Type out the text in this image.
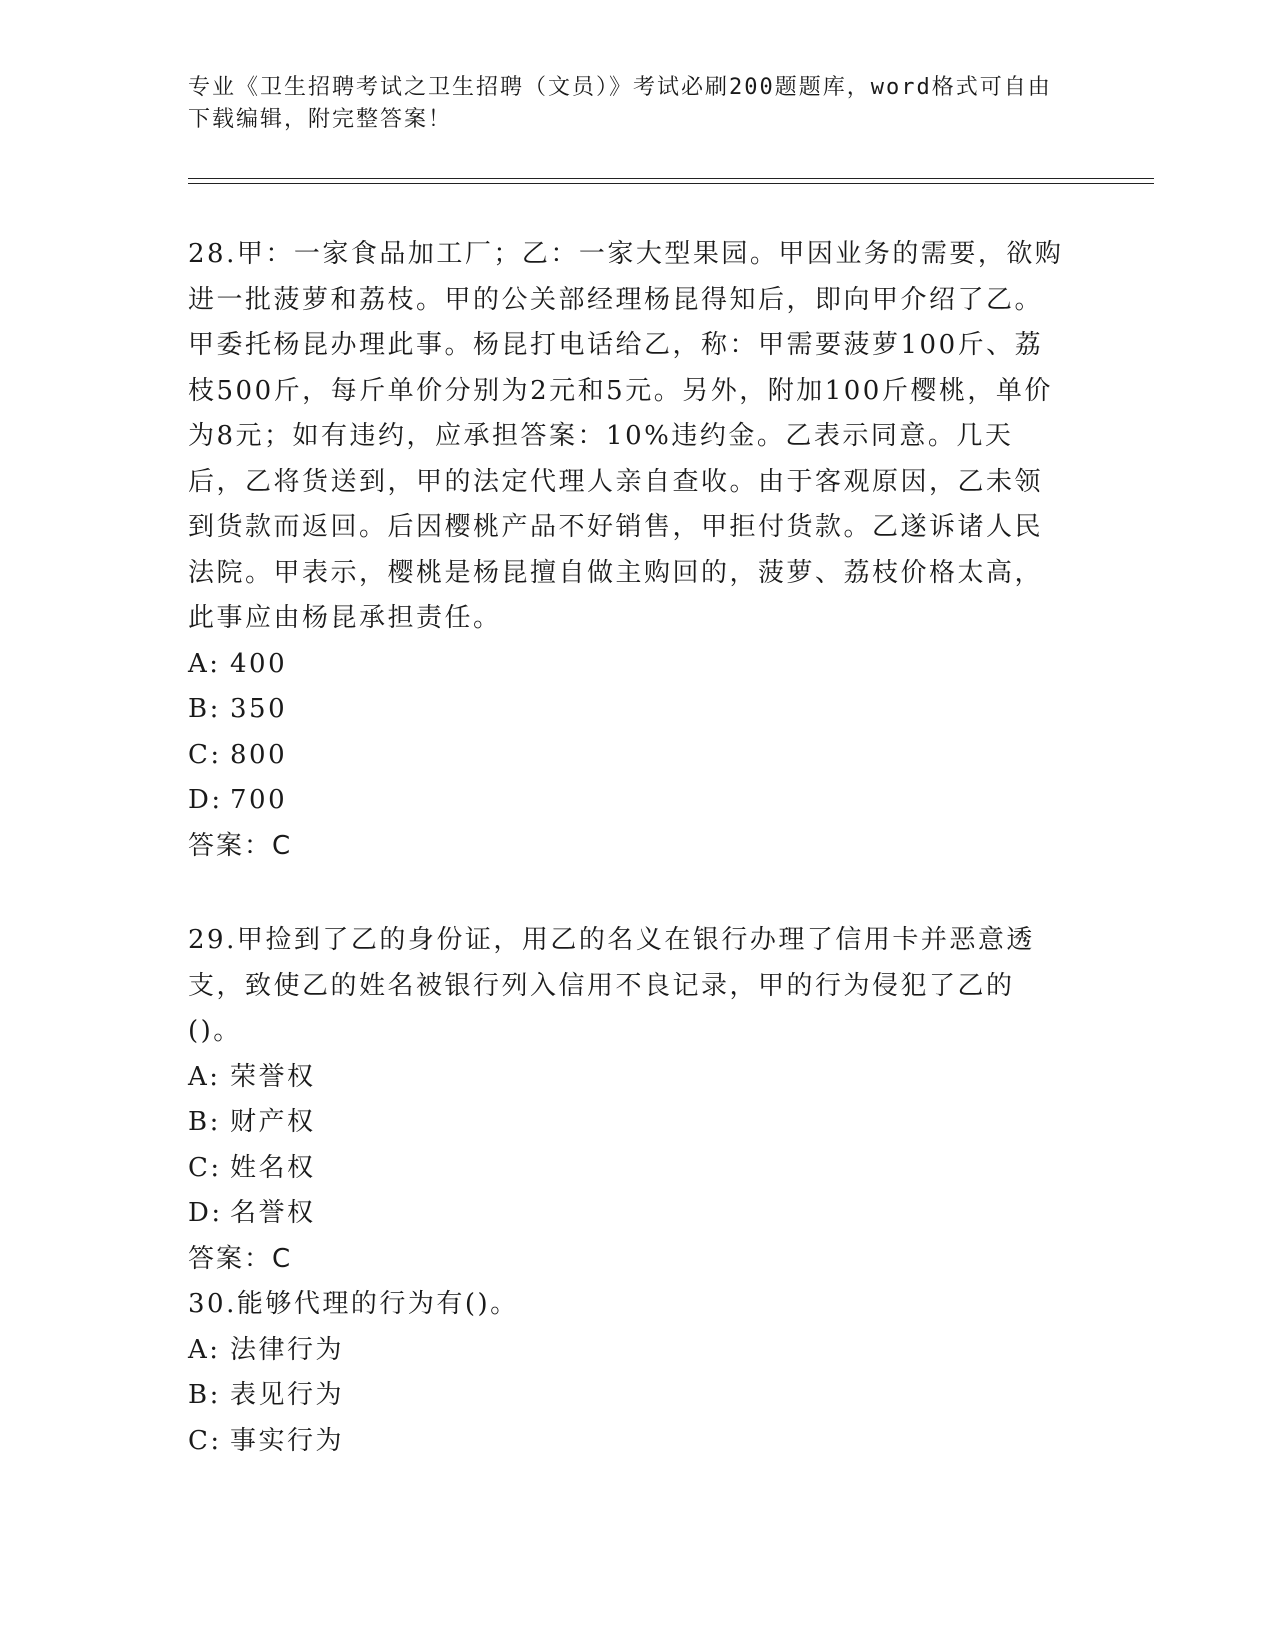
专业《卫生招聘考试之卫生招聘（文员）》考试必刷200题题库，word格式可自由下载编辑，附完整答案！

28.甲：一家食品加工厂；乙：一家大型果园。甲因业务的需要，欲购进一批菠萝和荔枝。甲的公关部经理杨昆得知后，即向甲介绍了乙。甲委托杨昆办理此事。杨昆打电话给乙，称：甲需要菠萝100斤、荔枝500斤，每斤单价分别为2元和5元。另外，附加100斤樱桃，单价为8元；如有违约，应承担答案：10%违约金。乙表示同意。几天后，乙将货送到，甲的法定代理人亲自查收。由于客观原因，乙未领到货款而返回。后因樱桃产品不好销售，甲拒付货款。乙遂诉诸人民法院。甲表示，樱桃是杨昆擅自做主购回的，菠萝、荔枝价格太高，此事应由杨昆承担责任。

A: 400

B: 350

C: 800

D: 700

答案：C

29.甲捡到了乙的身份证，用乙的名义在银行办理了信用卡并恶意透支，致使乙的姓名被银行列入信用不良记录，甲的行为侵犯了乙的()。

A: 荣誉权

B: 财产权

C: 姓名权

D: 名誉权

答案：C

30.能够代理的行为有()。

A: 法律行为

B: 表见行为

C: 事实行为
